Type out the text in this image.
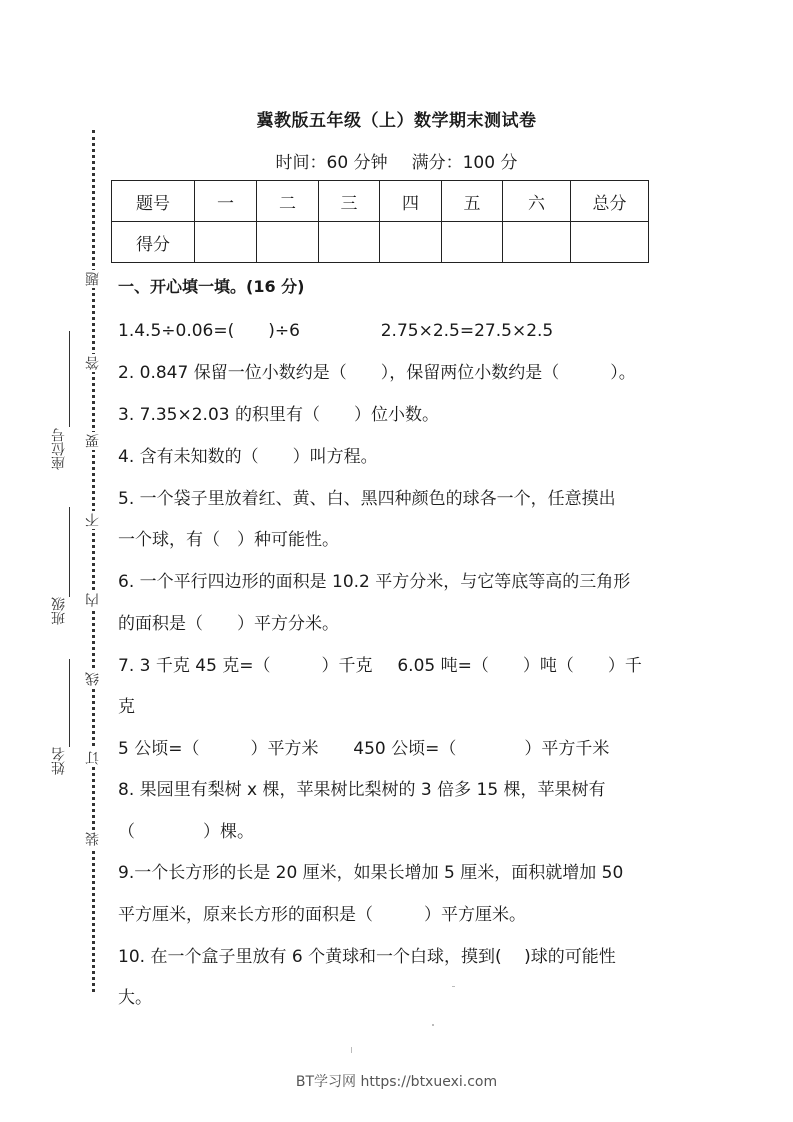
题
答
要
不
内
线
订
装
座位号
班级
姓名
冀教版五年级（上）数学期末测试卷
时间：60 分钟 满分：100 分
题号	一	二	三	四	五	六	总分
得分							
一、开心填一填。(16 分)
1.4.5÷0.06=(　　)÷6	2.75×2.5=27.5×2.5
2. 0.847 保留一位小数约是（　　），保留两位小数约是（　　　）。
3. 7.35×2.03 的积里有（　　）位小数。
4. 含有未知数的（　　）叫方程。
5. 一个袋子里放着红、黄、白、黑四种颜色的球各一个，任意摸出
一个球，有（　）种可能性。
6. 一个平行四边形的面积是 10.2 平方分米，与它等底等高的三角形
的面积是（　　）平方分米。
7. 3 千克 45 克=（　　　）千克 6.05 吨=（　　）吨（　　）千
克
5 公顷=（　　　）平方米 450 公顷=（　　　　）平方千米
8. 果园里有梨树 x 棵，苹果树比梨树的 3 倍多 15 棵，苹果树有
（　　　　）棵。
9.一个长方形的长是 20 厘米，如果长增加 5 厘米，面积就增加 50
平方厘米，原来长方形的面积是（　　　）平方厘米。
10. 在一个盒子里放有 6 个黄球和一个白球，摸到(　 )球的可能性
大。
BT学习网 https://btxuexi.com
